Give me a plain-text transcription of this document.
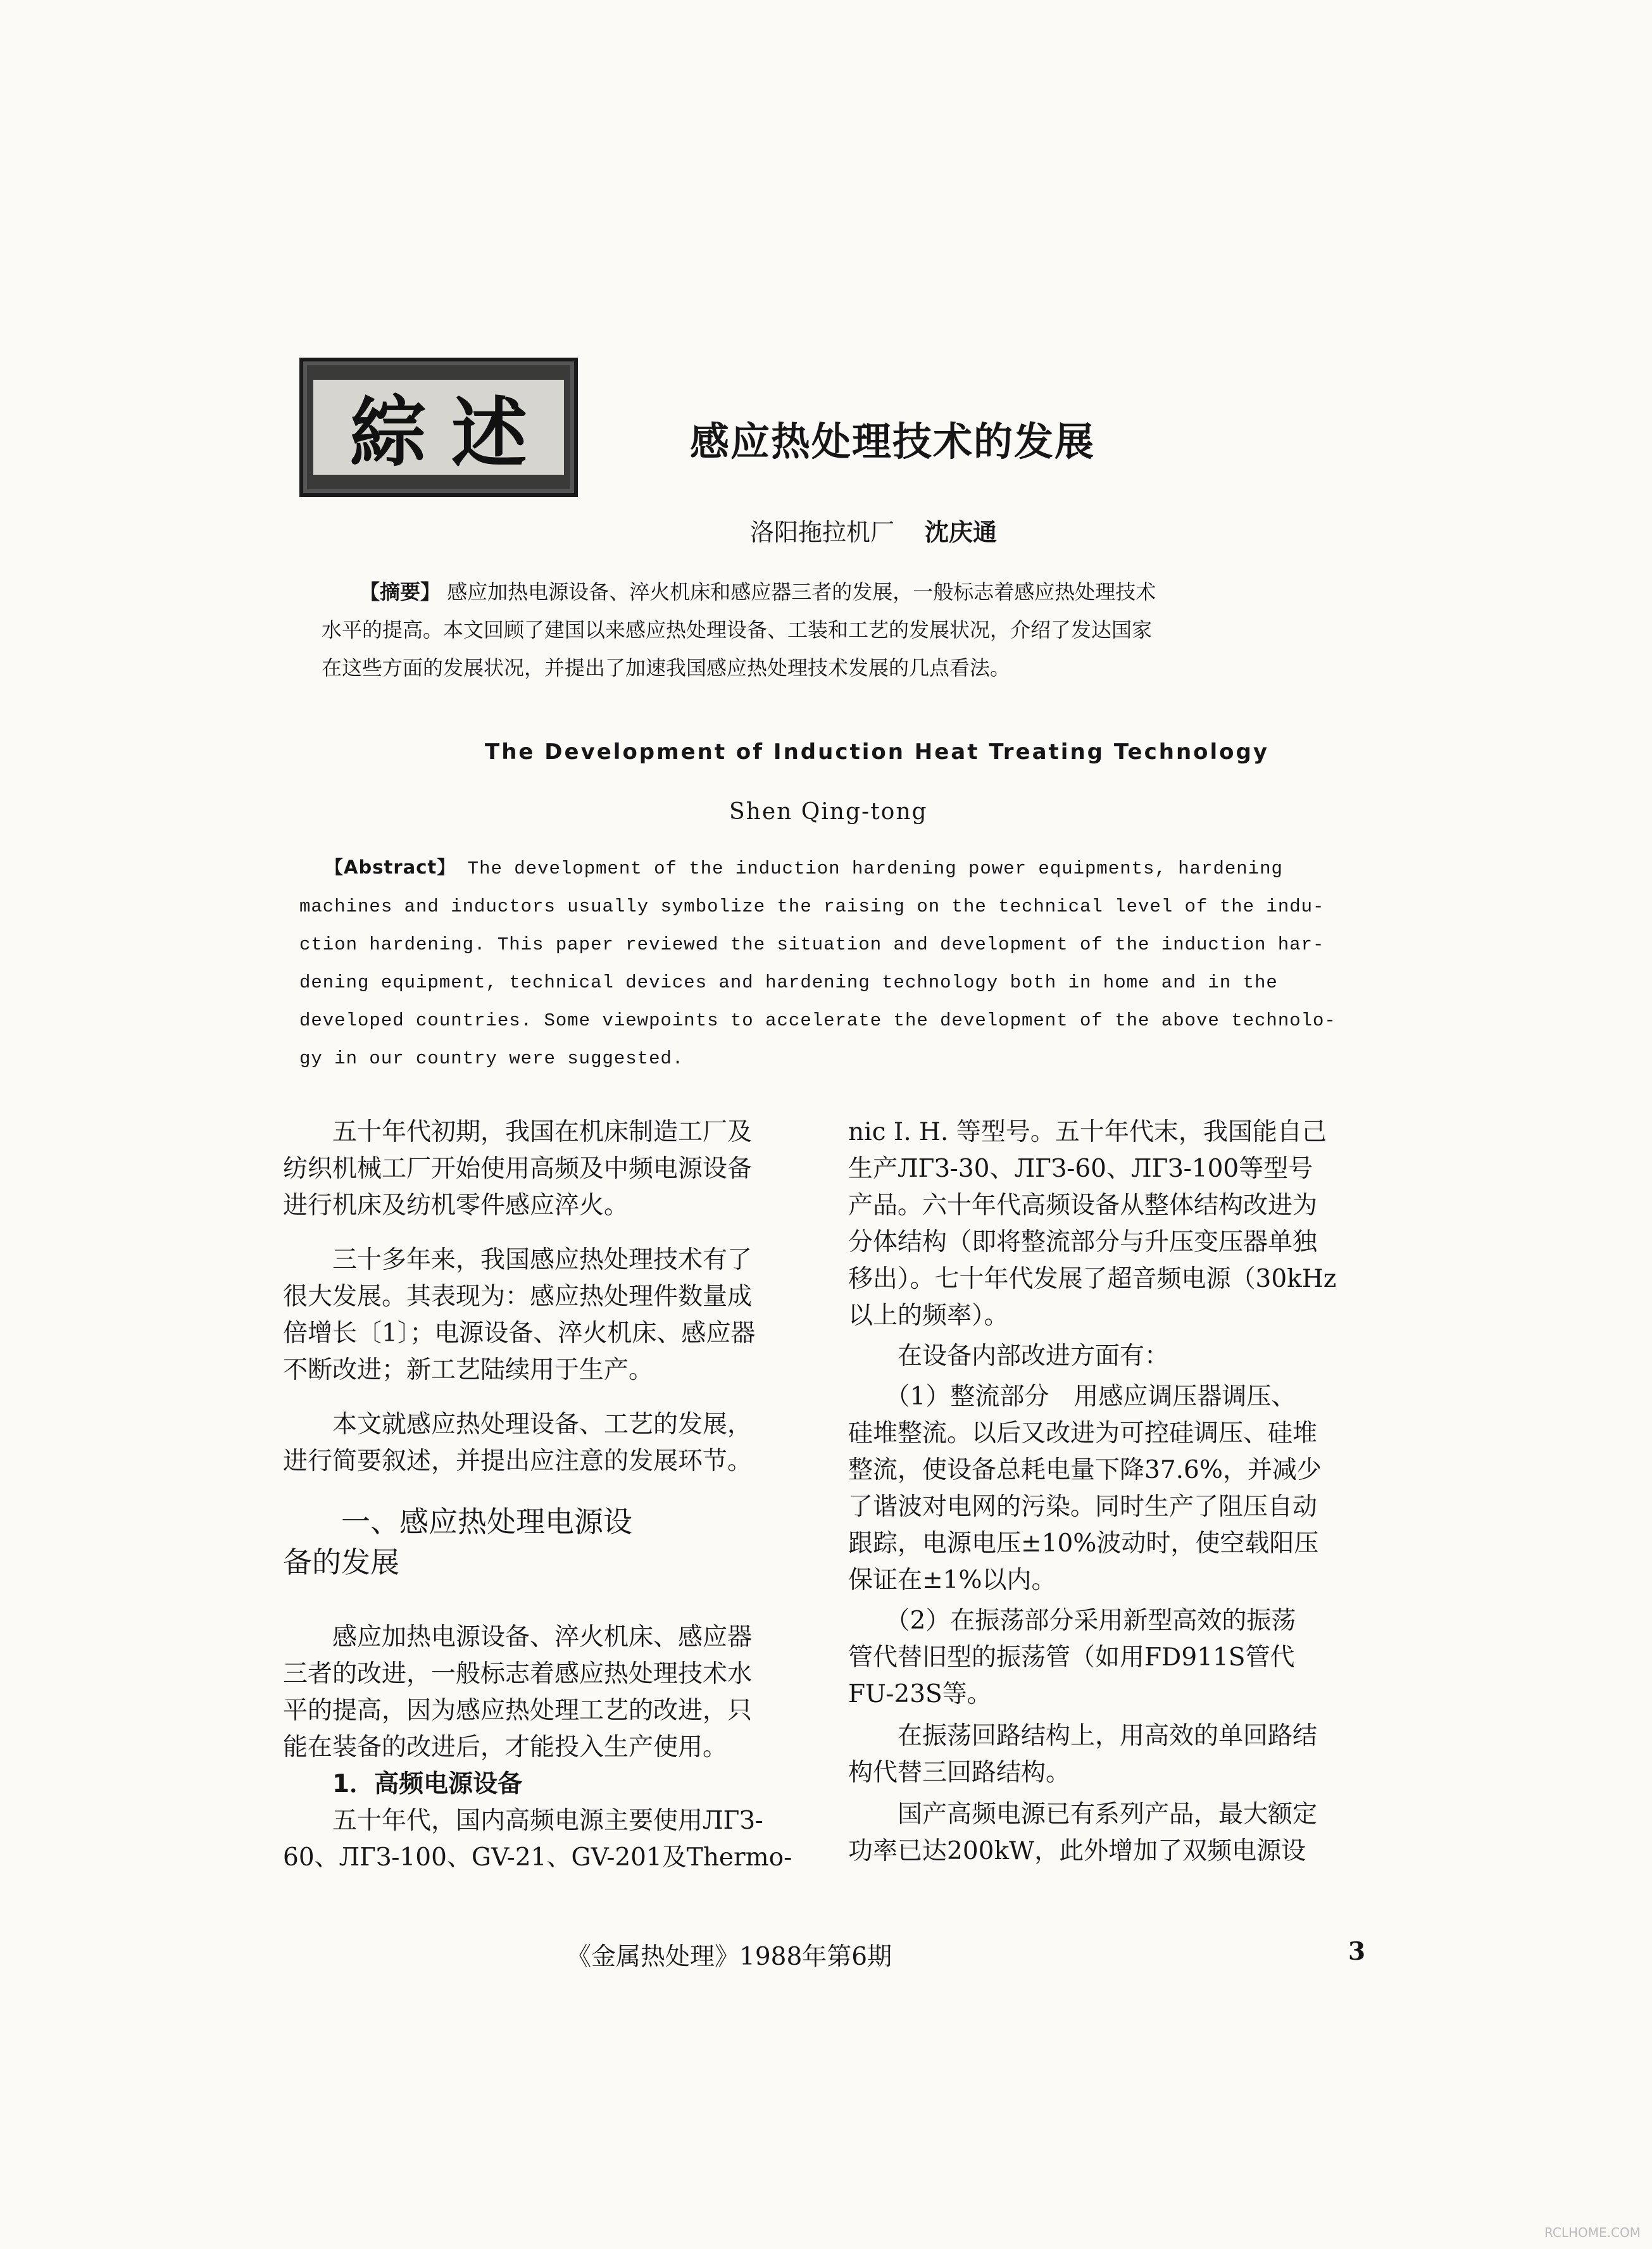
綜述	感应热处理技术的发展
洛阳拖拉机厂 沈庆通
【摘要】 感应加热电源设备、淬火机床和感应器三者的发展，一般标志着感应热处理技术
水平的提高。本文回顾了建国以来感应热处理设备、工装和工艺的发展状况，介绍了发达国家
在这些方面的发展状况，并提出了加速我国感应热处理技术发展的几点看法。
The Development of Induction Heat Treating Technology
Shen Qing-tong
【Abstract】 The development of the induction hardening power equipments, hardening
machines and inductors usually symbolize the raising on the technical level of the indu-
ction hardening. This paper reviewed the situation and development of the induction har-
dening equipment, technical devices and hardening technology both in home and in the
developed countries. Some viewpoints to accelerate the development of the above technolo-
gy in our country were suggested.

　　五十年代初期，我国在机床制造工厂及

纺织机械工厂开始使用高频及中频电源设备

进行机床及纺机零件感应淬火。

　　三十多年来，我国感应热处理技术有了

很大发展。其表现为：感应热处理件数量成

倍增长〔1〕；电源设备、淬火机床、感应器

不断改进；新工艺陆续用于生产。

　　本文就感应热处理设备、工艺的发展，

进行简要叙述，并提出应注意的发展环节。

　　一、感应热处理电源设

备的发展

　　感应加热电源设备、淬火机床、感应器

三者的改进，一般标志着感应热处理技术水

平的提高，因为感应热处理工艺的改进，只

能在装备的改进后，才能投入生产使用。

　　1．高频电源设备

　　五十年代，国内高频电源主要使用ЛГЗ-

60、ЛГЗ-100、GV-21、GV-201及Thermo-

nic I. H. 等型号。五十年代末，我国能自己

生产ЛГЗ-30、ЛГЗ-60、ЛГЗ-100等型号

产品。六十年代高频设备从整体结构改进为

分体结构（即将整流部分与升压变压器单独

移出）。七十年代发展了超音频电源（30kHz

以上的频率）。

　　在设备内部改进方面有：

　　（1）整流部分　用感应调压器调压、

硅堆整流。以后又改进为可控硅调压、硅堆

整流，使设备总耗电量下降37.6%，并减少

了谐波对电网的污染。同时生产了阻压自动

跟踪，电源电压±10%波动时，使空载阳压

保证在±1%以内。

　　（2）在振荡部分采用新型高效的振荡

管代替旧型的振荡管（如用FD911S管代

FU-23S等。

　　在振荡回路结构上，用高效的单回路结

构代替三回路结构。

　　国产高频电源已有系列产品，最大额定

功率已达200kW，此外增加了双频电源设

《金属热处理》1988年第6期	3
RCLHOME.COM
